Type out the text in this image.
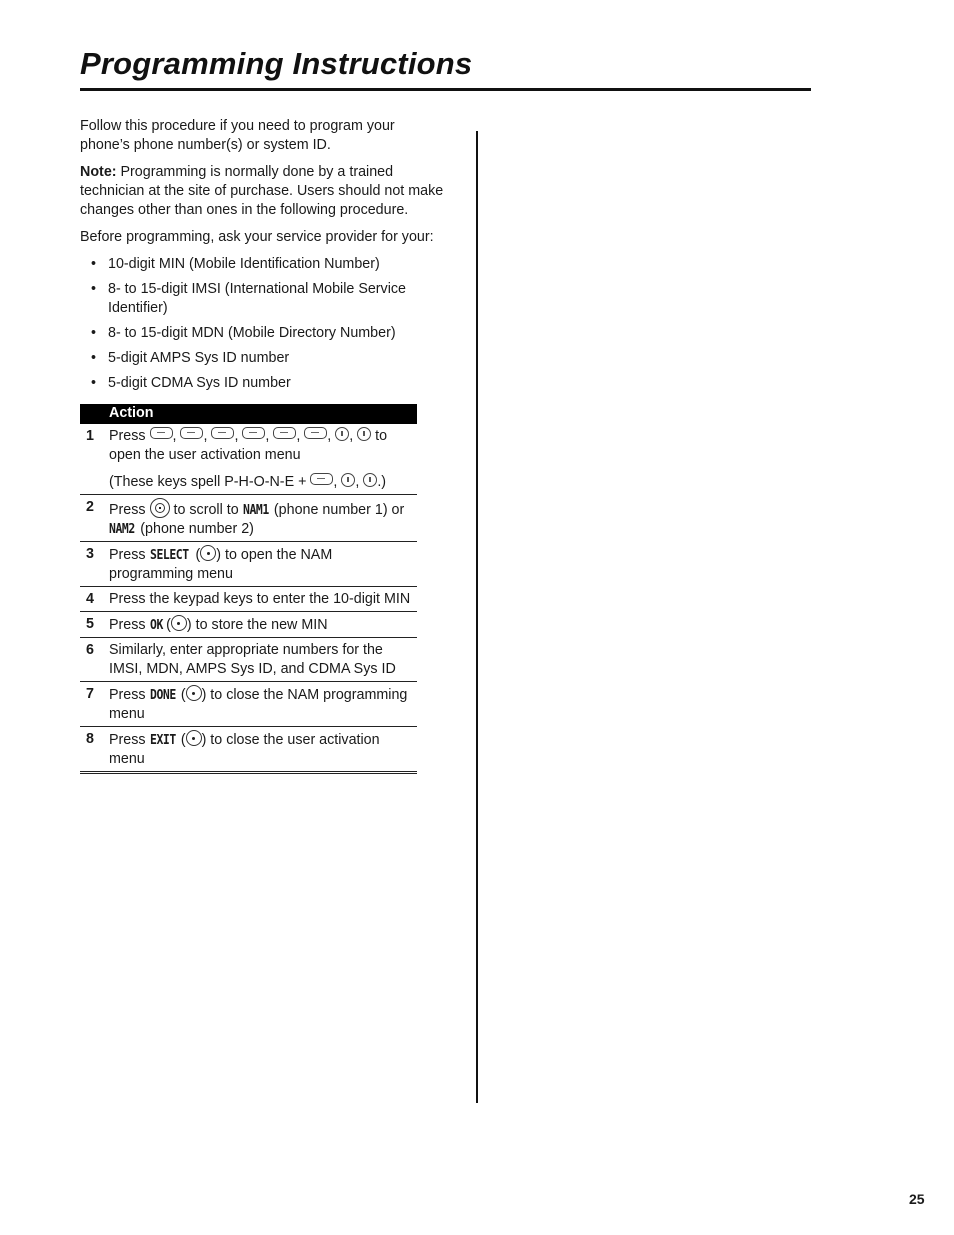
Programming Instructions

Follow this procedure if you need to program your phone’s phone number(s) or system ID.

Note: Programming is normally done by a trained technician at the site of purchase. Users should not make changes other than ones in the following procedure.

Before programming, ask your service provider for your:

• 10-digit MIN (Mobile Identification Number)
• 8- to 15-digit IMSI (International Mobile Service Identifier)
• 8- to 15-digit MDN (Mobile Directory Number)
• 5-digit AMPS Sys ID number
• 5-digit CDMA Sys ID number
Action	
1	Press , , , , , , ,  to open the user activation menu
(These keys spell P-H-O-N-E + , , .)

2	Press  to scroll to NAM1 (phone number 1) or NAM2 (phone number 2)
3	Press SELECT ( ) to open the NAM programming menu
4	Press the keypad keys to enter the 10-digit MIN
5	Press OK ( ) to store the new MIN
6	Similarly, enter appropriate numbers for the IMSI, MDN, AMPS Sys ID, and CDMA Sys ID
7	Press DONE ( ) to close the NAM programming menu
8	Press EXIT ( ) to close the user activation menu
25
